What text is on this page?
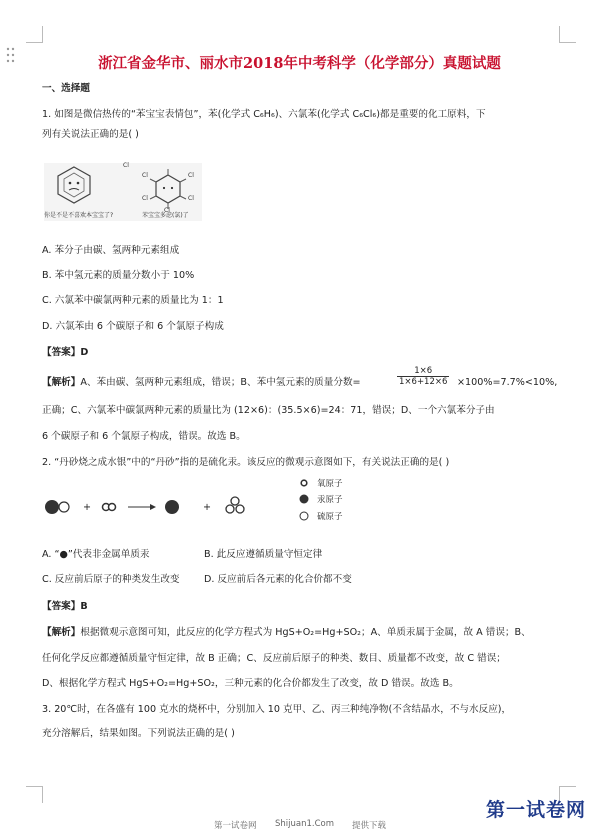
浙江省金华市、丽水市2018年中考科学（化学部分）真题试题
一、选择题
1. 如图是微信热传的“苯宝宝表情包”，苯(化学式 C₆H₆)、六氯苯(化学式 C₆Cl₆)都是重要的化工原料，下
列有关说法正确的是( )
Cl
Cl	Cl
Cl	Cl
Cl
你是不是不喜欢本宝宝了?	苯宝宝多虑(氯)了
A. 苯分子由碳、氢两种元素组成
B. 苯中氢元素的质量分数小于 10%
C. 六氯苯中碳氯两种元素的质量比为 1：1
D. 六氯苯由 6 个碳原子和 6 个氯原子构成
【答案】D
【解析】A、苯由碳、氢两种元素组成，错误；B、苯中氢元素的质量分数=	$\frac{1\times 6}{1\times 6+12\times 6} \times 100\%=7.7\%<10\%$,
正确；C、六氯苯中碳氯两种元素的质量比为 (12×6)：(35.5×6)=24：71，错误；D、一个六氯苯分子由
6 个碳原子和 6 个氯原子构成，错误。故选 B。
2. “丹砂烧之成水银”中的“丹砂”指的是硫化汞。该反应的微观示意图如下，有关说法正确的是( )
+	+
氧原子
汞原子
硫原子
A. “●”代表非金属单质汞	B. 此反应遵循质量守恒定律
C. 反应前后原子的种类发生改变	D. 反应前后各元素的化合价都不变
【答案】B
【解析】根据微观示意图可知，此反应的化学方程式为 HgS+O₂=Hg+SO₂；A、单质汞属于金属，故 A 错误；B、
任何化学反应都遵循质量守恒定律，故 B 正确；C、反应前后原子的种类、数目、质量都不改变，故 C 错误；
D、根据化学方程式 HgS+O₂=Hg+SO₂，三种元素的化合价都发生了改变，故 D 错误。故选 B。
3. 20℃时，在各盛有 100 克水的烧杯中，分别加入 10 克甲、乙、丙三种纯净物(不含结晶水，不与水反应)，
充分溶解后，结果如图。下列说法正确的是( )
第一试卷网 Shijuan1.Com 提供下载
第一试卷网
